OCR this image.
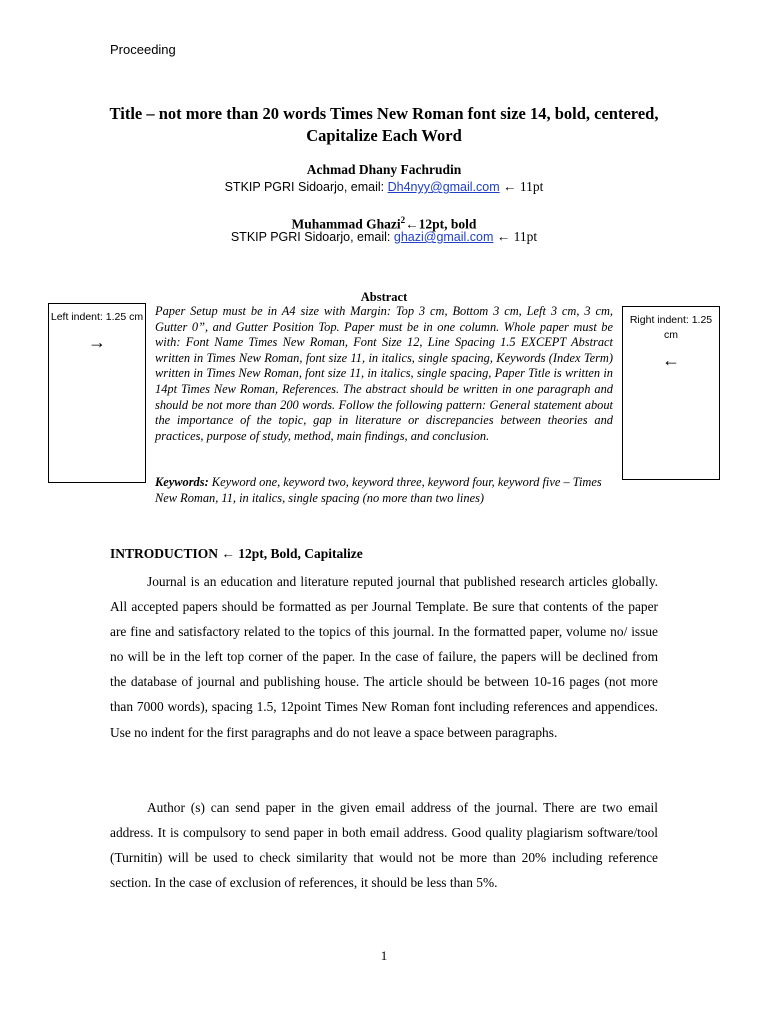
Proceeding
Title – not more than 20 words Times New Roman font size 14, bold, centered, Capitalize Each Word
Achmad Dhany Fachrudin
STKIP PGRI Sidoarjo, email: Dh4nyy@gmail.com ← 11pt
Muhammad Ghazi$^2$←12pt, bold
STKIP PGRI Sidoarjo, email: ghazi@gmail.com ← 11pt
Abstract
Left indent: 1.25 cm
→
Paper Setup must be in A4 size with Margin: Top 3 cm, Bottom 3 cm, Left 3 cm, 3 cm, Gutter 0”, and Gutter Position Top. Paper must be in one column. Whole paper must be with: Font Name Times New Roman, Font Size 12, Line Spacing 1.5 EXCEPT Abstract written in Times New Roman, font size 11, in italics, single spacing, Keywords (Index Term) written in Times New Roman, font size 11, in italics, single spacing, Paper Title is written in 14pt Times New Roman, References. The abstract should be written in one paragraph and should be not more than 200 words. Follow the following pattern: General statement about the importance of the topic, gap in literature or discrepancies between theories and practices, purpose of study, method, main findings, and conclusion.
Right indent: 1.25 cm
←
Keywords: Keyword one, keyword two, keyword three, keyword four, keyword five – Times New Roman, 11, in italics, single spacing (no more than two lines)
INTRODUCTION ← 12pt, Bold, Capitalize
Journal is an education and literature reputed journal that published research articles globally. All accepted papers should be formatted as per Journal Template. Be sure that contents of the paper are fine and satisfactory related to the topics of this journal. In the formatted paper, volume no/ issue no will be in the left top corner of the paper. In the case of failure, the papers will be declined from the database of journal and publishing house. The article should be between 10-16 pages (not more than 7000 words), spacing 1.5, 12point Times New Roman font including references and appendices. Use no indent for the first paragraphs and do not leave a space between paragraphs.
Author (s) can send paper in the given email address of the journal. There are two email address. It is compulsory to send paper in both email address. Good quality plagiarism software/tool (Turnitin) will be used to check similarity that would not be more than 20% including reference section. In the case of exclusion of references, it should be less than 5%.
1
